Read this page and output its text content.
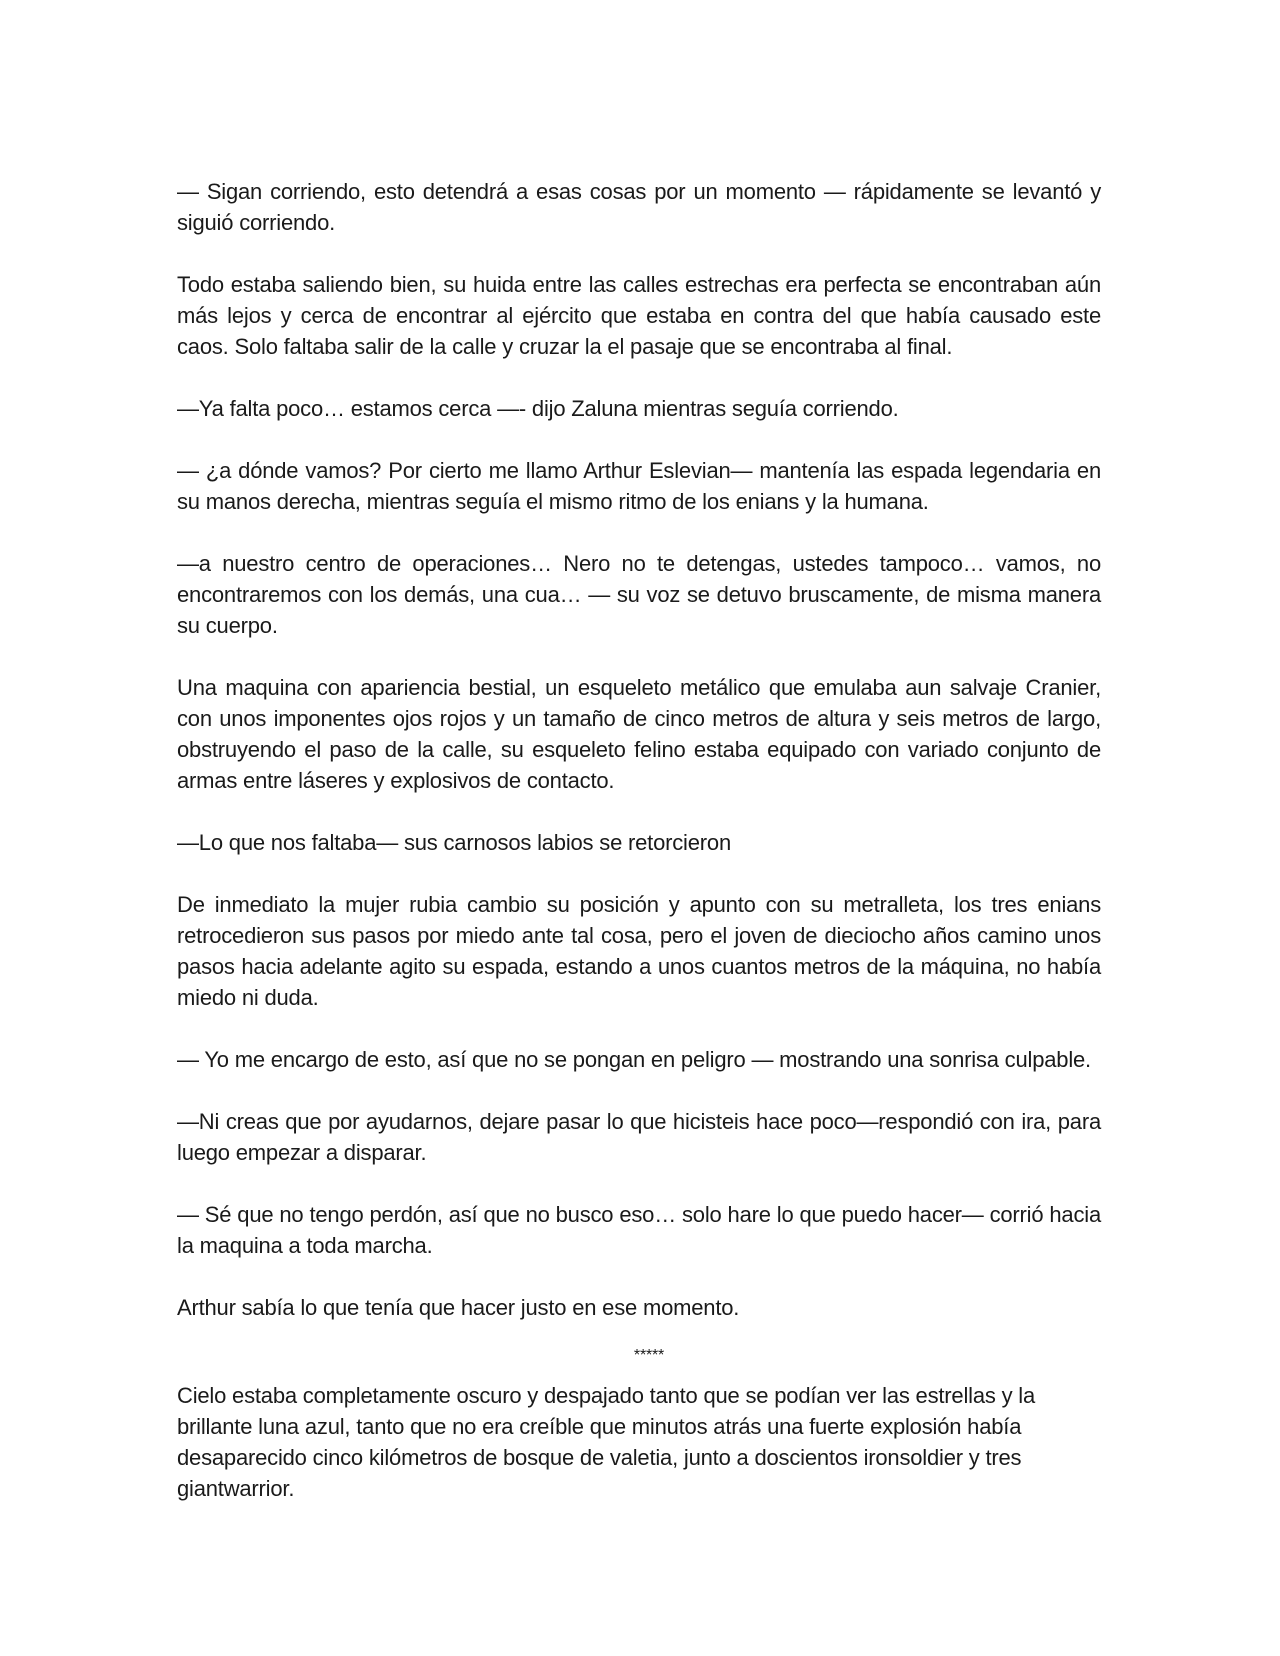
— Sigan corriendo, esto detendrá a esas cosas por un momento — rápidamente se levantó y siguió corriendo.

Todo estaba saliendo bien, su huida entre las calles estrechas era perfecta se encontraban aún más lejos y cerca de encontrar al ejército que estaba en contra del que había causado este caos. Solo faltaba salir de la calle y cruzar la el pasaje que se encontraba al final.

—Ya falta poco… estamos cerca —- dijo Zaluna mientras seguía corriendo.

— ¿a dónde vamos? Por cierto me llamo Arthur Eslevian— mantenía las espada legendaria en su manos derecha, mientras seguía el mismo ritmo de los enians y la humana.

—a nuestro centro de operaciones… Nero no te detengas, ustedes tampoco… vamos, no encontraremos con los demás, una cua… — su voz se detuvo bruscamente, de misma manera su cuerpo.

Una maquina con apariencia bestial, un esqueleto metálico que emulaba aun salvaje Cranier, con unos imponentes ojos rojos y un tamaño de cinco metros de altura y seis metros de largo, obstruyendo el paso de la calle, su esqueleto felino estaba equipado con variado conjunto de armas entre láseres y explosivos de contacto.

—Lo que nos faltaba— sus carnosos labios se retorcieron

De inmediato la mujer rubia cambio su posición y apunto con su metralleta, los tres enians retrocedieron sus pasos por miedo ante tal cosa, pero el joven de dieciocho años camino unos pasos hacia adelante agito su espada, estando a unos cuantos metros de la máquina, no había miedo ni duda.

— Yo me encargo de esto, así que no se pongan en peligro — mostrando una sonrisa culpable.

—Ni creas que por ayudarnos, dejare pasar lo que hicisteis hace poco—respondió con ira, para luego empezar a disparar.

— Sé que no tengo perdón, así que no busco eso… solo hare lo que puedo hacer— corrió hacia la maquina a toda marcha.

Arthur sabía lo que tenía que hacer justo en ese momento.

*****

Cielo estaba completamente oscuro y despajado tanto que se podían ver las estrellas y la brillante luna azul, tanto que no era creíble que minutos atrás una fuerte explosión había desaparecido cinco kilómetros de bosque de valetia, junto a doscientos ironsoldier y tres giantwarrior.
